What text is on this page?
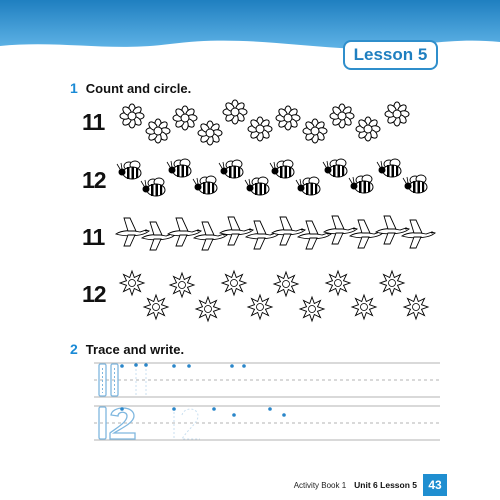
Lesson 5
1 Count and circle.
11
12
11
12
2 Trace and write.
Activity Book 1 Unit 6 Lesson 5 43
